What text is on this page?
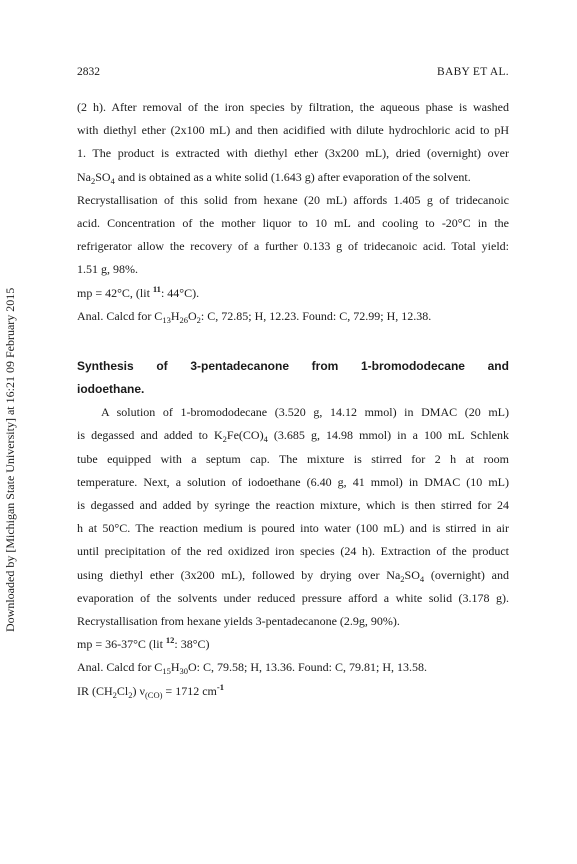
2832	BABY ET AL.
Downloaded by [Michigan State University] at 16:21 09 February 2015

(2 h). After removal of the iron species by filtration, the aqueous phase is washed
with diethyl ether (2x100 mL) and then acidified with dilute hydrochloric acid to pH
1. The product is extracted with diethyl ether (3x200 mL), dried (overnight) over
$Na_2SO_4$ and is obtained as a white solid (1.643 g) after evaporation of the solvent.
Recrystallisation of this solid from hexane (20 mL) affords 1.405 g of tridecanoic
acid. Concentration of the mother liquor to 10 mL and cooling to -20°C in the
refrigerator allow the recovery of a further 0.133 g of tridecanoic acid. Total yield:
1.51 g, 98%.

mp = 42°C, (lit $^{11}$: 44°C).
Anal. Calcd for $C_{13}H_{26}O_2$: C, 72.85; H, 12.23. Found: C, 72.99; H, 12.38.
Synthesis of 3-pentadecanone from 1-bromododecane and
iodoethane.

A solution of 1-bromododecane (3.520 g, 14.12 mmol) in DMAC (20 mL)
is degassed and added to $K_2Fe(CO)_4$ (3.685 g, 14.98 mmol) in a 100 mL Schlenk
tube equipped with a septum cap. The mixture is stirred for 2 h at room
temperature. Next, a solution of iodoethane (6.40 g, 41 mmol) in DMAC (10 mL)
is degassed and added by syringe the reaction mixture, which is then stirred for 24
h at 50°C. The reaction medium is poured into water (100 mL) and is stirred in air
until precipitation of the red oxidized iron species (24 h). Extraction of the product
using diethyl ether (3x200 mL), followed by drying over $Na_2SO_4$ (overnight) and
evaporation of the solvents under reduced pressure afford a white solid (3.178 g).
Recrystallisation from hexane yields 3-pentadecanone (2.9g, 90%).

mp = 36-37°C (lit $^{12}$: 38°C)
Anal. Calcd for $C_{15}H_{30}O$: C, 79.58; H, 13.36. Found: C, 79.81; H, 13.58.
IR $(CH_2Cl_2) \nu_{(CO)} = 1712$ $cm^{-1}$
